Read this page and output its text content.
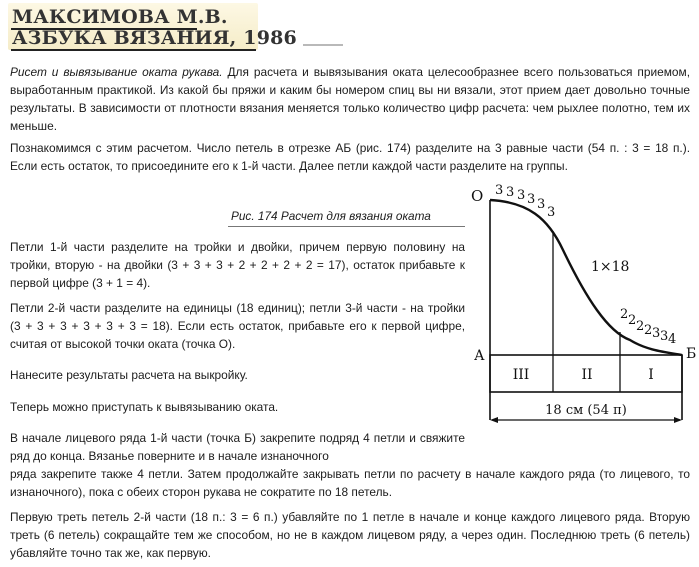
МАКСИМОВА М.В.
АЗБУКА ВЯЗАНИЯ, 1986
Рисет и вывязывание оката рукава. Для расчета и вывязывания оката целесообразнее всего пользоваться приемом, выработанным практикой. Из какой бы пряжи и каким бы номером спиц вы ни вязали, этот прием дает довольно точные результаты. В зависимости от плотности вязания меняется только количество цифр расчета: чем рыхлее полотно, тем их меньше.
Познакомимся с этим расчетом. Число петель в отрезке АБ (рис. 174) разделите на 3 равные части (54 п. : 3 = 18 п.). Если есть остаток, то присоедините его к 1-й части. Далее петли каждой части разделите на группы.
Рис. 174 Расчет для вязания оката
Петли 1-й части разделите на тройки и двойки, причем первую половину на тройки, вторую - на двойки (3 + 3 + 3 + 2 + 2 + 2 + 2 = 17), остаток прибавьте к первой цифре (3 + 1 = 4).
Петли 2-й части разделите на единицы (18 единиц); петли 3-й части - на тройки (3 + 3 + 3 + 3 + 3 + 3 = 18). Если есть остаток, прибавьте его к первой цифре, считая от высокой точки оката (точка О).
Нанесите результаты расчета на выкройку.
Теперь можно приступать к вывязыванию оката.
В начале лицевого ряда 1-й части (точка Б) закрепите подряд 4 петли и свяжите ряд до конца. Вязанье поверните и в начале изнаночного
ряда закрепите также 4 петли. Затем продолжайте закрывать петли по расчету в начале каждого ряда (то лицевого, то изнаночного), пока с обеих сторон рукава не сократите по 18 петель.
Первую треть петель 2-й части (18 п.: 3 = 6 п.) убавляйте по 1 петле в начале и конце каждого лицевого ряда. Вторую треть (6 петель) сокращайте тем же способом, но не в каждом лицевом ряду, а через один. Последнюю треть (6 петель) убавляйте точно так же, как первую.
О
А	Б
3 3 3 3 3
3
1×18
2 2 2 2 3 3 4
III	II	I
18 см (54 п)
